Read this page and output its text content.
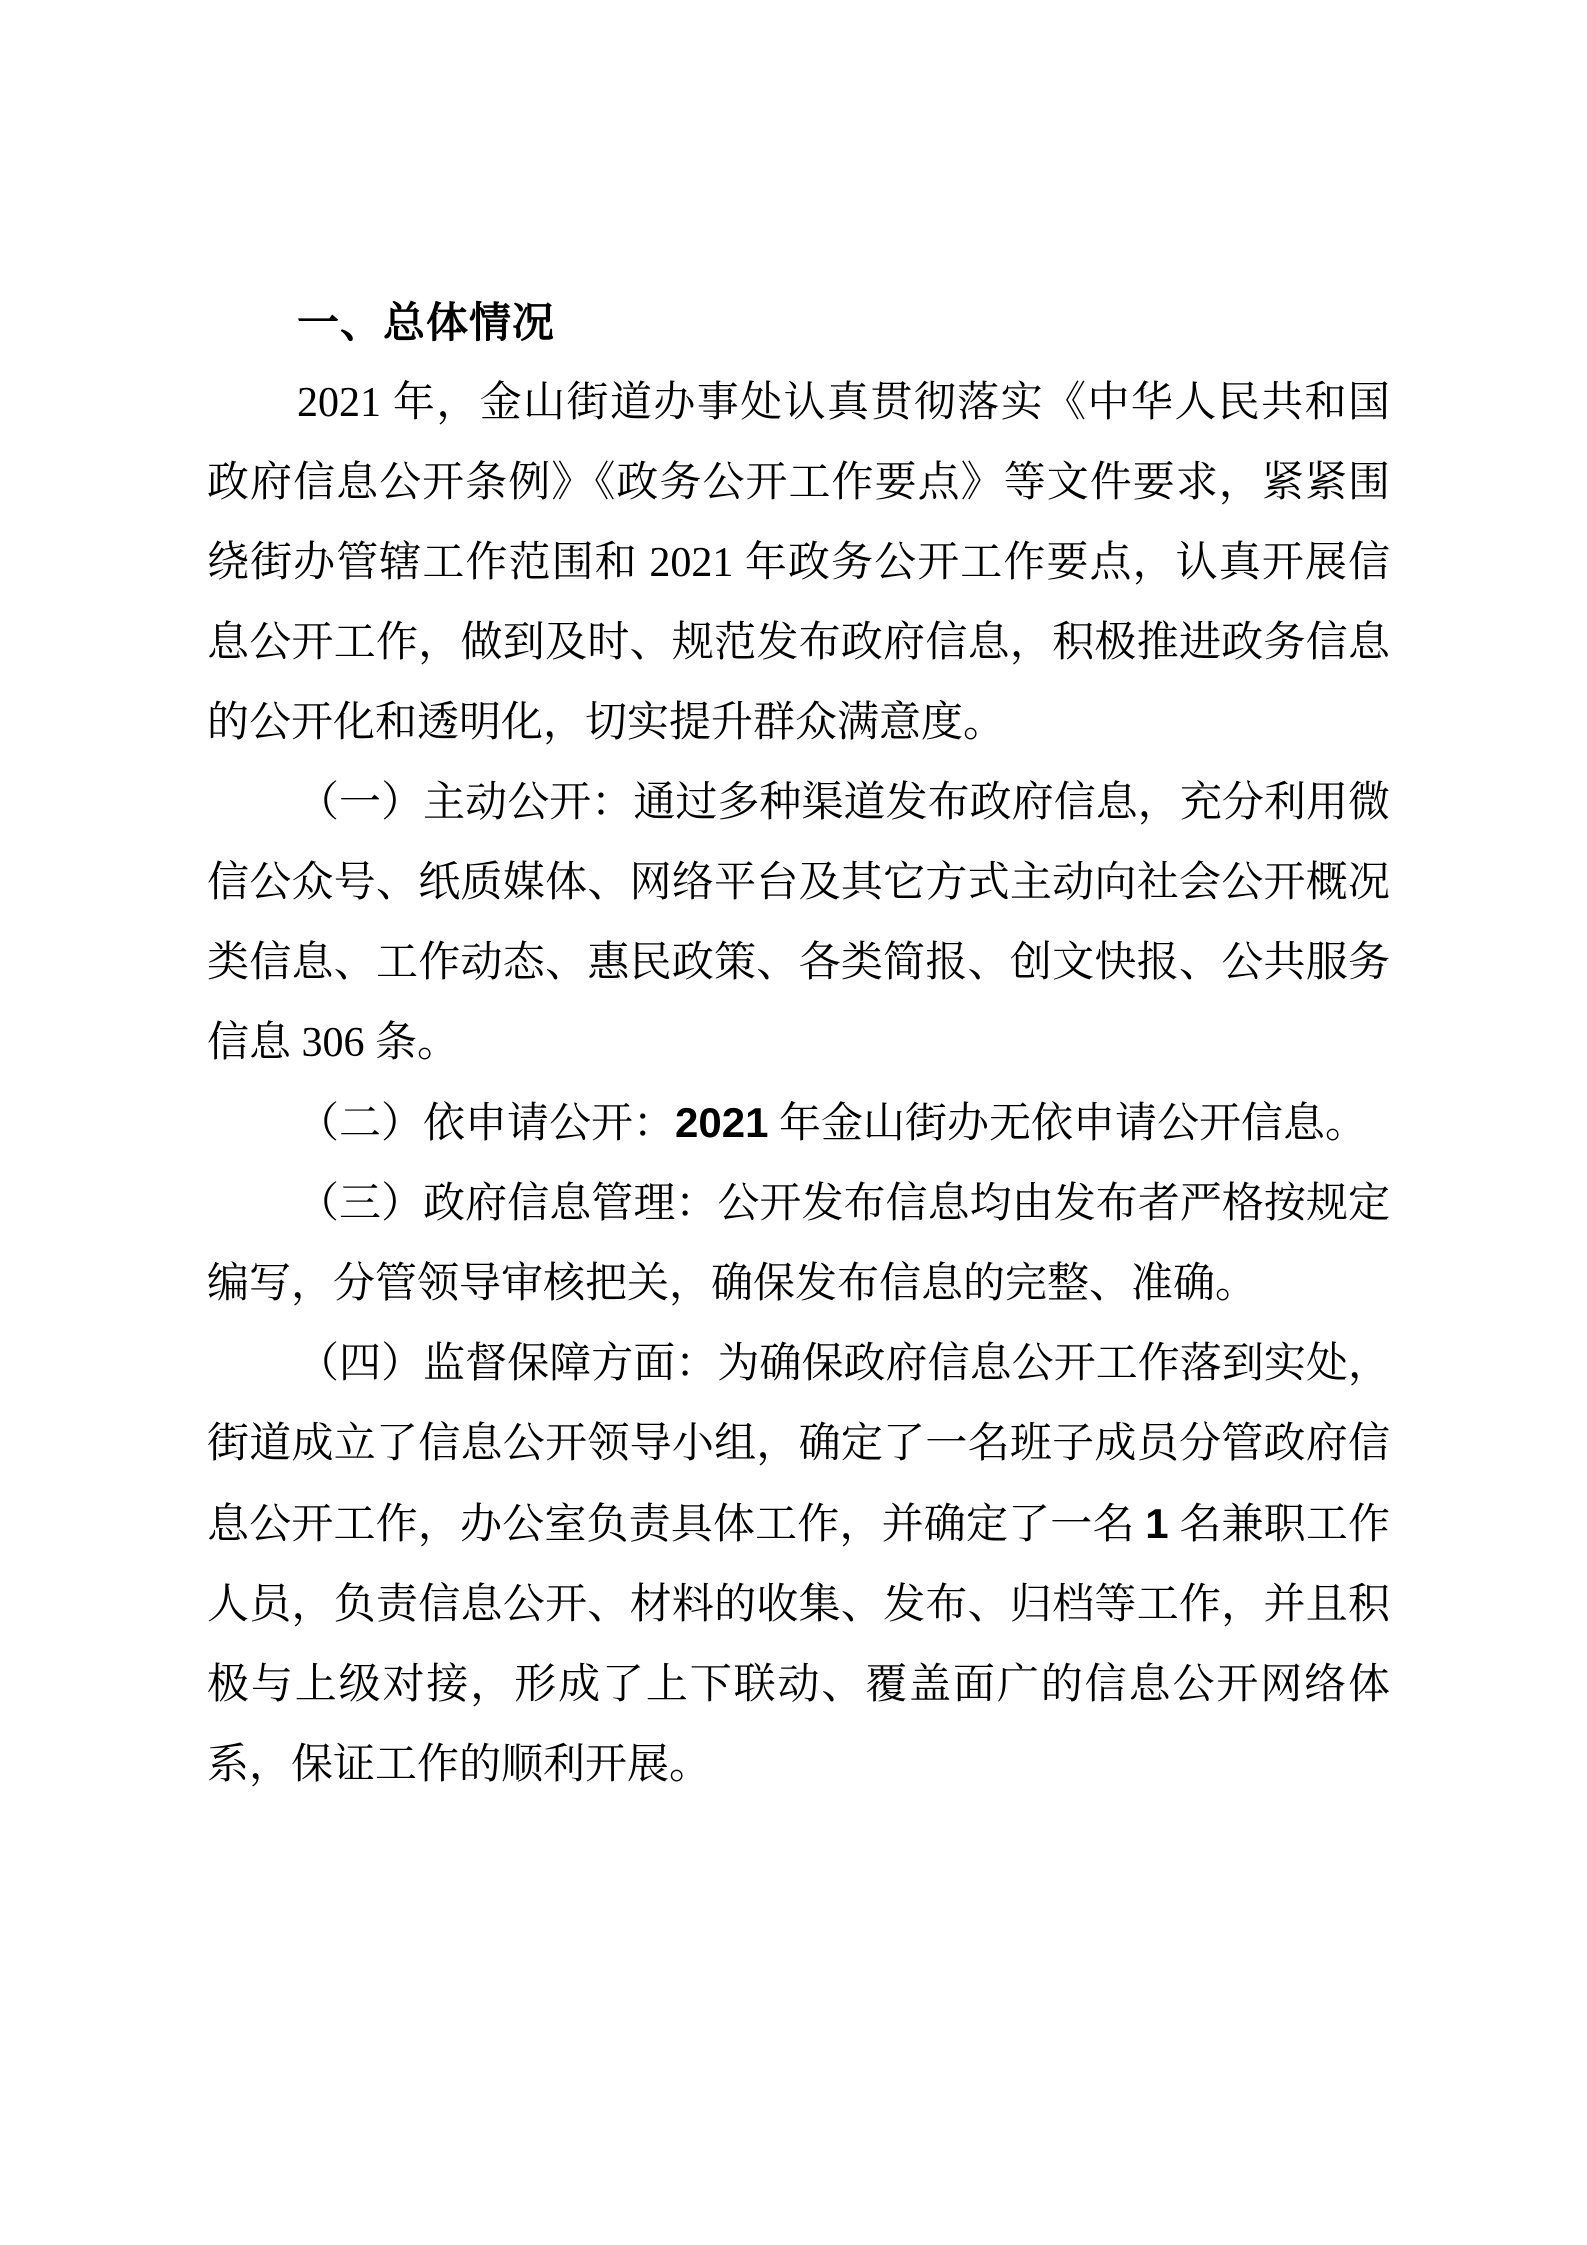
一、总体情况

2021 年，金山街道办事处认真贯彻落实《中华人民共和国政府信息公开条例》《政务公开工作要点》等文件要求，紧紧围绕街办管辖工作范围和 2021 年政务公开工作要点，认真开展信息公开工作，做到及时、规范发布政府信息，积极推进政务信息的公开化和透明化，切实提升群众满意度。

（一）主动公开：通过多种渠道发布政府信息，充分利用微信公众号、纸质媒体、网络平台及其它方式主动向社会公开概况类信息、工作动态、惠民政策、各类简报、创文快报、公共服务信息 306 条。

（二）依申请公开：2021 年金山街办无依申请公开信息。

（三）政府信息管理：公开发布信息均由发布者严格按规定编写，分管领导审核把关，确保发布信息的完整、准确。

（四）监督保障方面：为确保政府信息公开工作落到实处，街道成立了信息公开领导小组，确定了一名班子成员分管政府信息公开工作，办公室负责具体工作，并确定了一名 1 名兼职工作人员，负责信息公开、材料的收集、发布、归档等工作，并且积极与上级对接，形成了上下联动、覆盖面广的信息公开网络体系，保证工作的顺利开展。
